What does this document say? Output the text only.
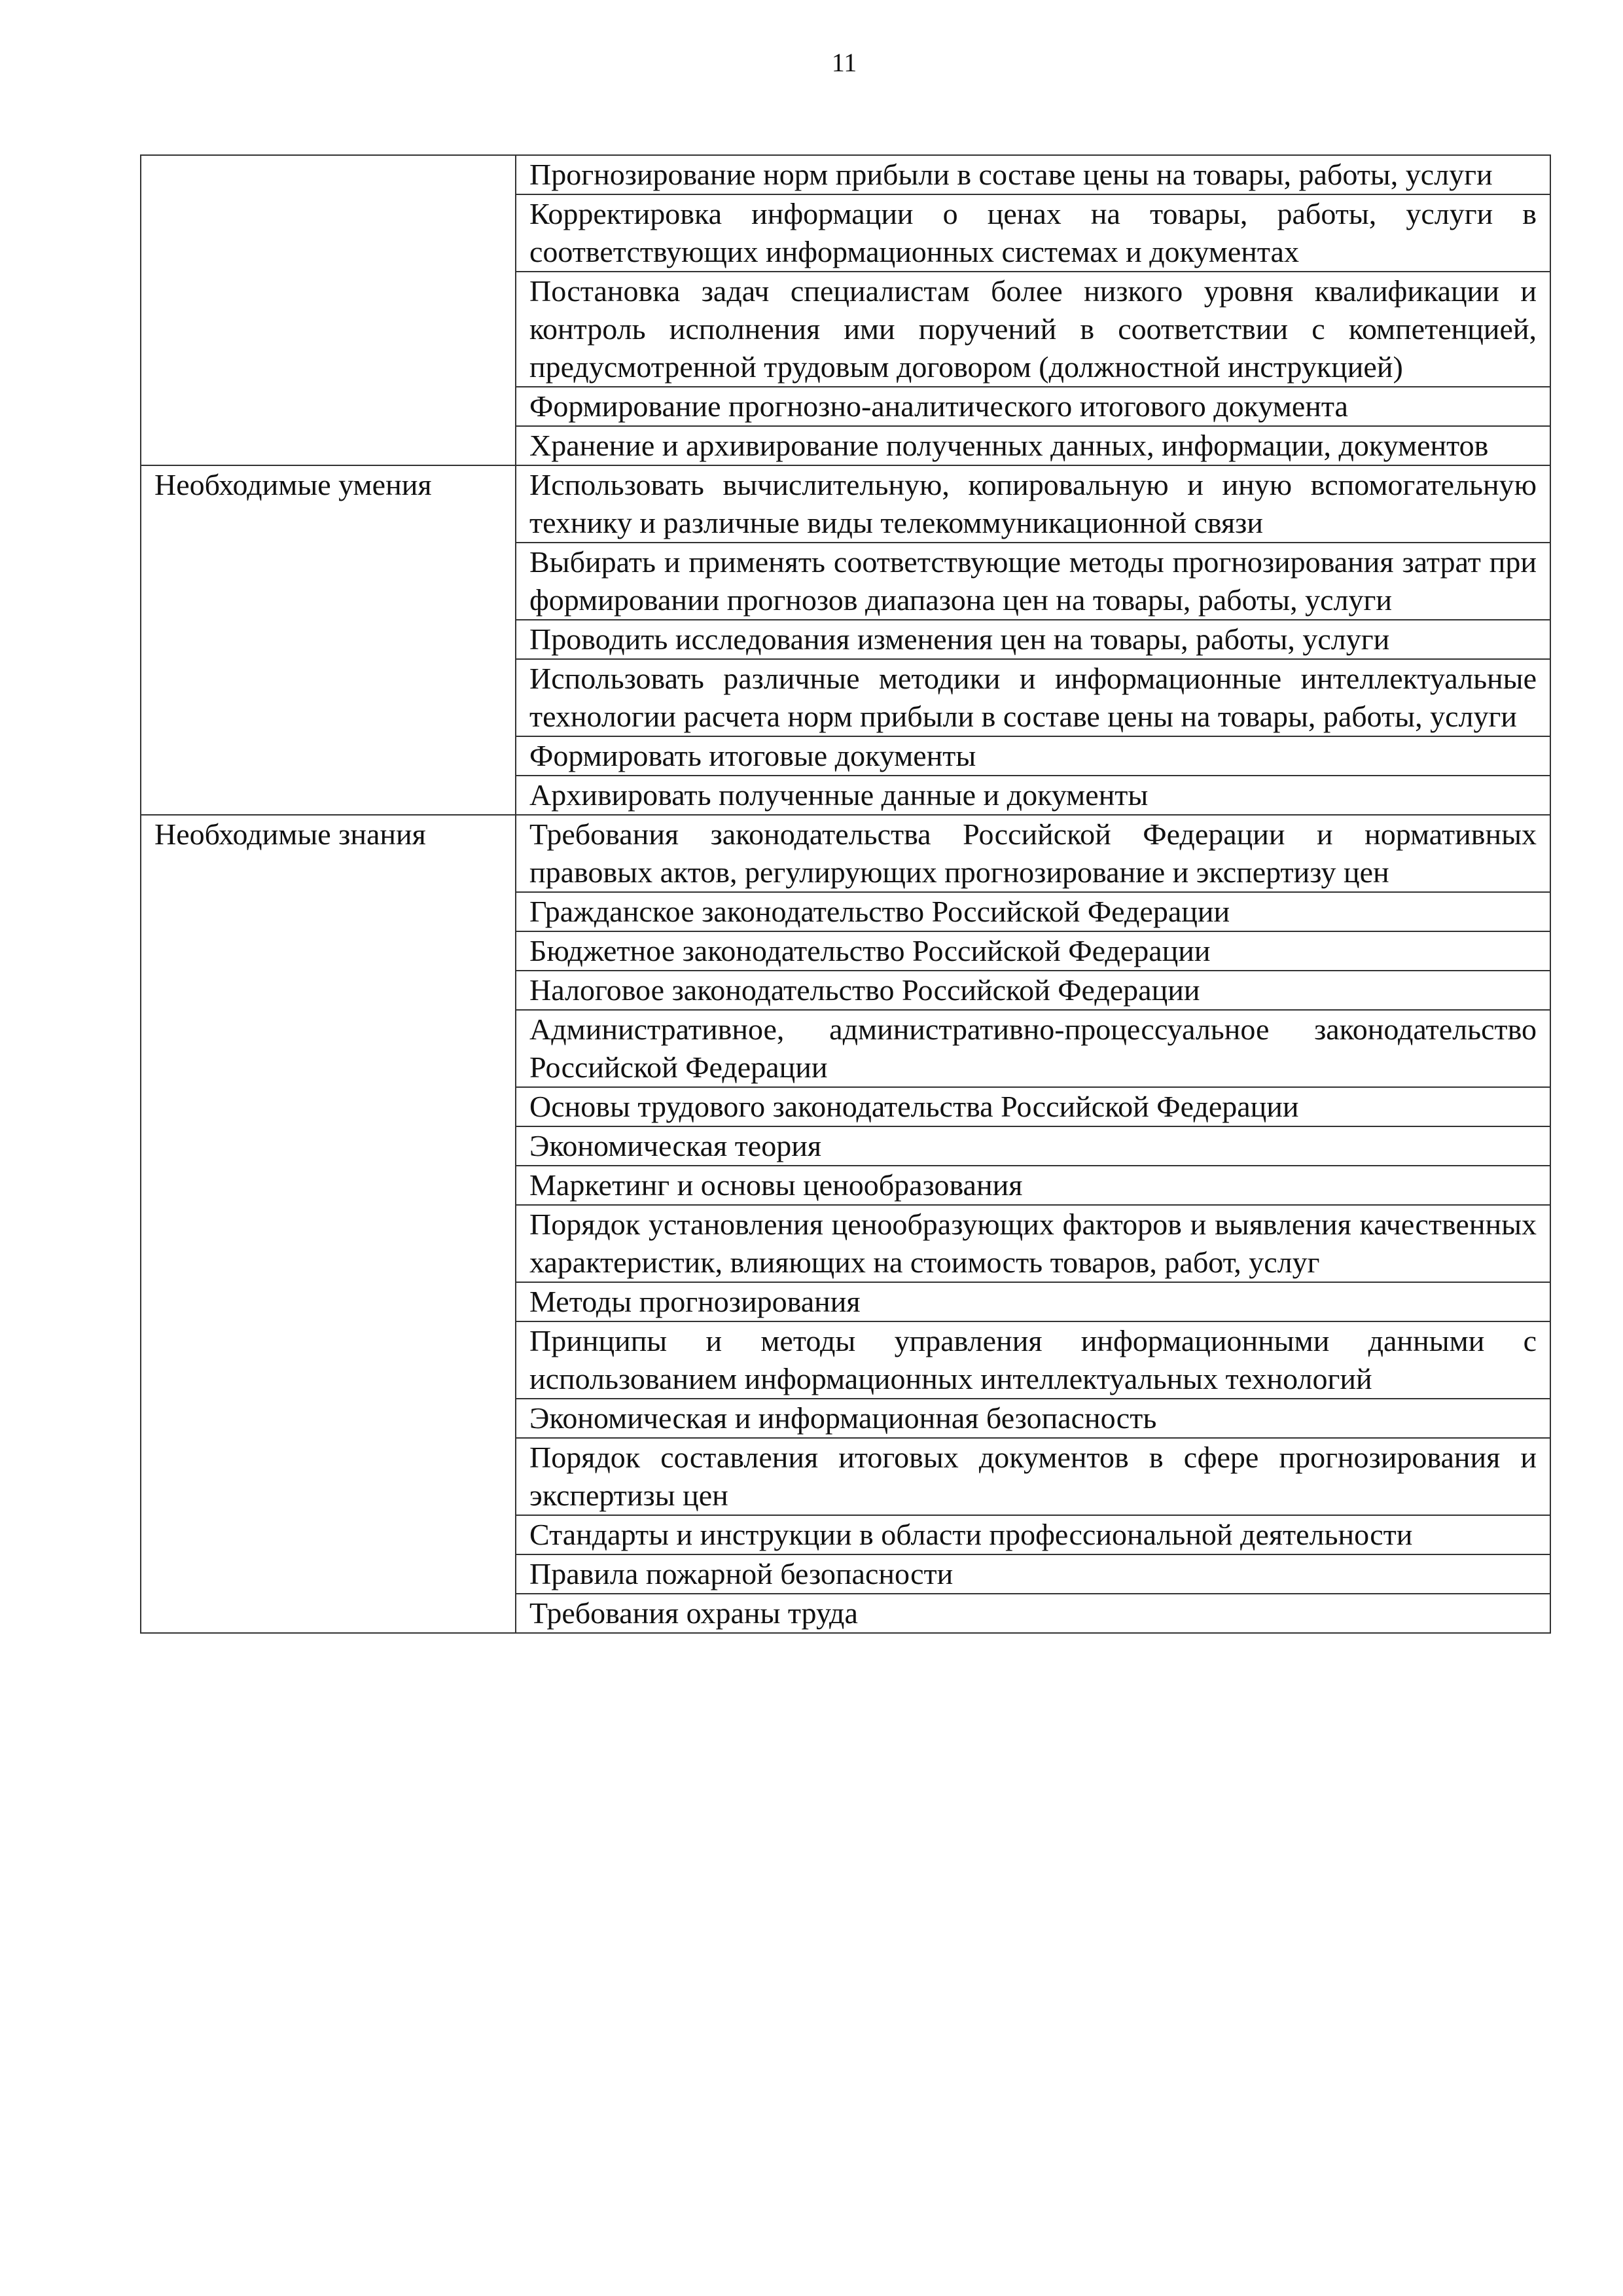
11
	Прогнозирование норм прибыли в составе цены на товары, работы, услуги
	Корректировка информации о ценах на товары, работы, услуги в соответствующих информационных системах и документах
	Постановка задач специалистам более низкого уровня квалификации и контроль исполнения ими поручений в соответствии с компетенцией, предусмотренной трудовым договором (должностной инструкцией)
	Формирование прогнозно-аналитического итогового документа
	Хранение и архивирование полученных данных, информации, документов
Необходимые умения	Использовать вычислительную, копировальную и иную вспомогательную технику и различные виды телекоммуникационной связи
	Выбирать и применять соответствующие методы прогнозирования затрат при формировании прогнозов диапазона цен на товары, работы, услуги
	Проводить исследования изменения цен на товары, работы, услуги
	Использовать различные методики и информационные интеллектуальные технологии расчета норм прибыли в составе цены на товары, работы, услуги
	Формировать итоговые документы
	Архивировать полученные данные и документы
Необходимые знания	Требования законодательства Российской Федерации и нормативных правовых актов, регулирующих прогнозирование и экспертизу цен
	Гражданское законодательство Российской Федерации
	Бюджетное законодательство Российской Федерации
	Налоговое законодательство Российской Федерации
	Административное, административно-процессуальное законодательство Российской Федерации
	Основы трудового законодательства Российской Федерации
	Экономическая теория
	Маркетинг и основы ценообразования
	Порядок установления ценообразующих факторов и выявления качественных характеристик, влияющих на стоимость товаров, работ, услуг
	Методы прогнозирования
	Принципы и методы управления информационными данными с использованием информационных интеллектуальных технологий
	Экономическая и информационная безопасность
	Порядок составления итоговых документов в сфере прогнозирования и экспертизы цен
	Стандарты и инструкции в области профессиональной деятельности
	Правила пожарной безопасности
	Требования охраны труда
